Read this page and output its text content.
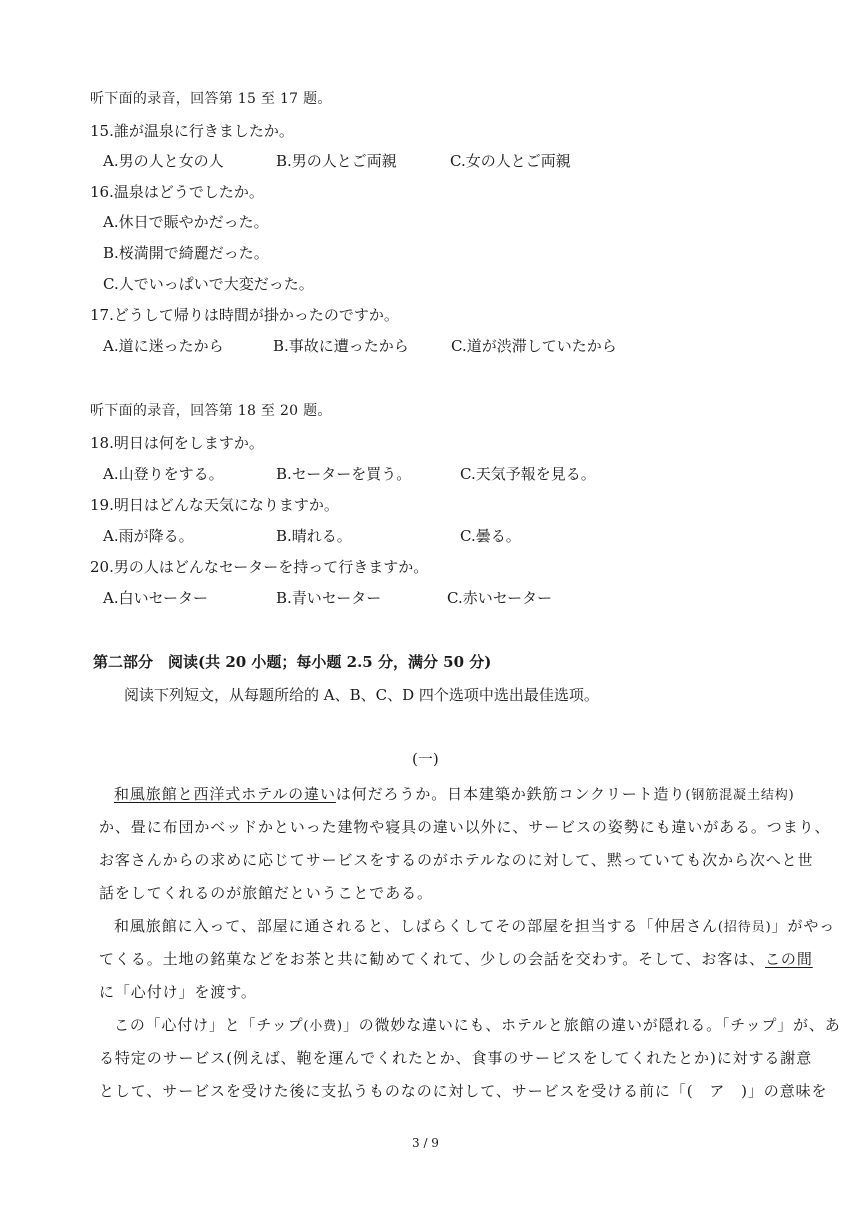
听下面的录音，回答第 15 至 17 题。
15.誰が温泉に行きましたか。
A.男の人と女の人	B.男の人とご両親	C.女の人とご両親
16.温泉はどうでしたか。
A.休日で賑やかだった。
B.桜満開で綺麗だった。
C.人でいっぱいで大変だった。
17.どうして帰りは時間が掛かったのですか。
A.道に迷ったから	B.事故に遭ったから	C.道が渋滞していたから
听下面的录音，回答第 18 至 20 题。
18.明日は何をしますか。
A.山登りをする。	B.セーターを買う。	C.天気予報を見る。
19.明日はどんな天気になりますか。
A.雨が降る。	B.晴れる。	C.曇る。
20.男の人はどんなセーターを持って行きますか。
A.白いセーター	B.青いセーター	C.赤いセーター
第二部分　阅读(共 20 小题；每小题 2.5 分，满分 50 分)
阅读下列短文，从每题所给的 A、B、C、D 四个选项中选出最佳选项。
(一)
和風旅館と西洋式ホテルの違いは何だろうか。日本建築か鉄筋コンクリート造り(钢筋混凝土结构)
か、畳に布団かベッドかといった建物や寝具の違い以外に、サービスの姿勢にも違いがある。つまり、
お客さんからの求めに応じてサービスをするのがホテルなのに対して、黙っていても次から次へと世
話をしてくれるのが旅館だということである。
和風旅館に入って、部屋に通されると、しばらくしてその部屋を担当する「仲居さん(招待员)」がやっ
てくる。土地の銘菓などをお茶と共に勧めてくれて、少しの会話を交わす。そして、お客は、この間
に「心付け」を渡す。
この「心付け」と「チップ(小费)」の微妙な違いにも、ホテルと旅館の違いが隠れる。「チップ」が、あ
る特定のサービス(例えば、鞄を運んでくれたとか、食事のサービスをしてくれたとか)に対する謝意
として、サービスを受けた後に支払うものなのに対して、サービスを受ける前に「(　ア　)」の意味を
3 / 9
